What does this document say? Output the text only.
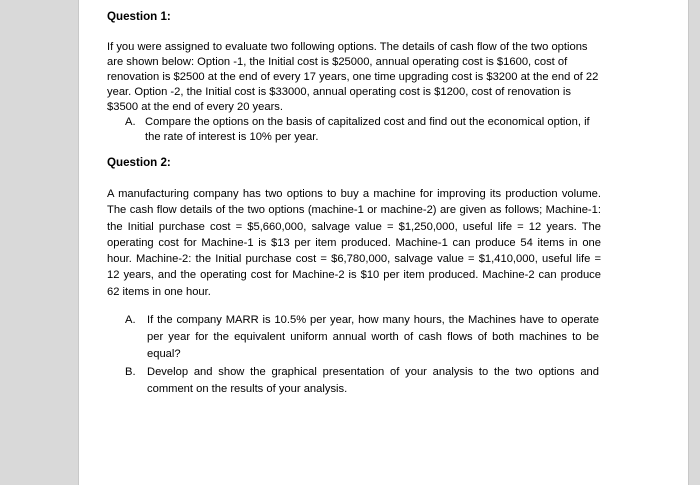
Question 1:

If you were assigned to evaluate two following options. The details of cash flow of the two options are shown below: Option -1, the Initial cost is $25000, annual operating cost is $1600, cost of renovation is $2500 at the end of every 17 years, one time upgrading cost is $3200 at the end of 22 year. Option -2, the Initial cost is $33000, annual operating cost is $1200, cost of renovation is $3500 at the end of every 20 years.

A. Compare the options on the basis of capitalized cost and find out the economical option, if the rate of interest is 10% per year.

Question 2:

A manufacturing company has two options to buy a machine for improving its production volume. The cash flow details of the two options (machine-1 or machine-2) are given as follows; Machine-1: the Initial purchase cost = $5,660,000, salvage value = $1,250,000, useful life = 12 years. The operating cost for Machine-1 is $13 per item produced. Machine-1 can produce 54 items in one hour. Machine-2: the Initial purchase cost = $6,780,000, salvage value = $1,410,000, useful life = 12 years, and the operating cost for Machine-2 is $10 per item produced. Machine-2 can produce 62 items in one hour.

A.	If the company MARR is 10.5% per year, how many hours, the Machines have to operate per year for the equivalent uniform annual worth of cash flows of both machines to be equal?
B.	Develop and show the graphical presentation of your analysis to the two options and comment on the results of your analysis.
